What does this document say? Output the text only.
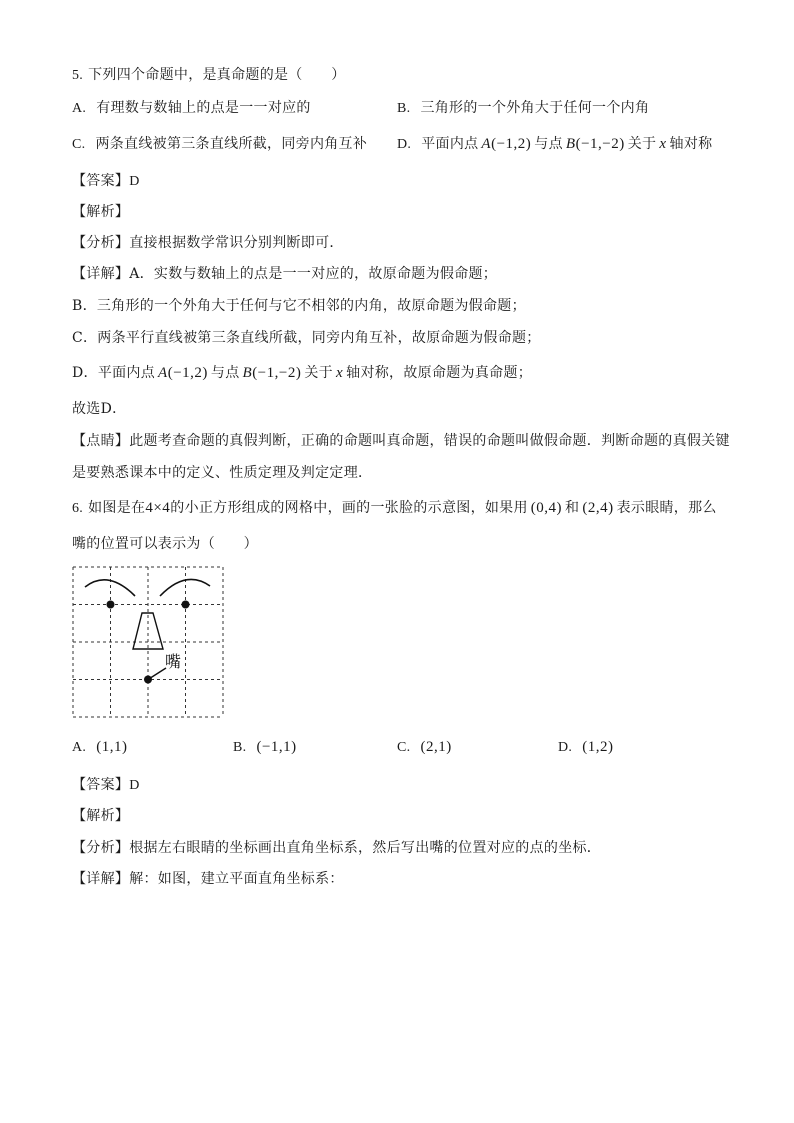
5. 下列四个命题中，是真命题的是（　　）
A. 有理数与数轴上的点是一一对应的	B. 三角形的一个外角大于任何一个内角
C. 两条直线被第三条直线所截，同旁内角互补 D. 平面内点 A(−1,2) 与点 B(−1,−2) 关于 x 轴对称
【答案】D
【解析】
【分析】直接根据数学常识分别判断即可．
【详解】A．实数与数轴上的点是一一对应的，故原命题为假命题；
B．三角形的一个外角大于任何与它不相邻的内角，故原命题为假命题；
C．两条平行直线被第三条直线所截，同旁内角互补，故原命题为假命题；
D．平面内点 A(−1,2) 与点 B(−1,−2) 关于 x 轴对称，故原命题为真命题；
故选D．
【点睛】此题考查命题的真假判断，正确的命题叫真命题，错误的命题叫做假命题．判断命题的真假关键
是要熟悉课本中的定义、性质定理及判定定理．
6. 如图是在4×4的小正方形组成的网格中，画的一张脸的示意图，如果用 (0,4) 和 (2,4) 表示眼睛，那么
嘴的位置可以表示为（　　）
嘴
A. (1,1)	B. (−1,1)	C. (2,1)	D. (1,2)
【答案】D
【解析】
【分析】根据左右眼睛的坐标画出直角坐标系，然后写出嘴的位置对应的点的坐标．
【详解】解：如图，建立平面直角坐标系：
